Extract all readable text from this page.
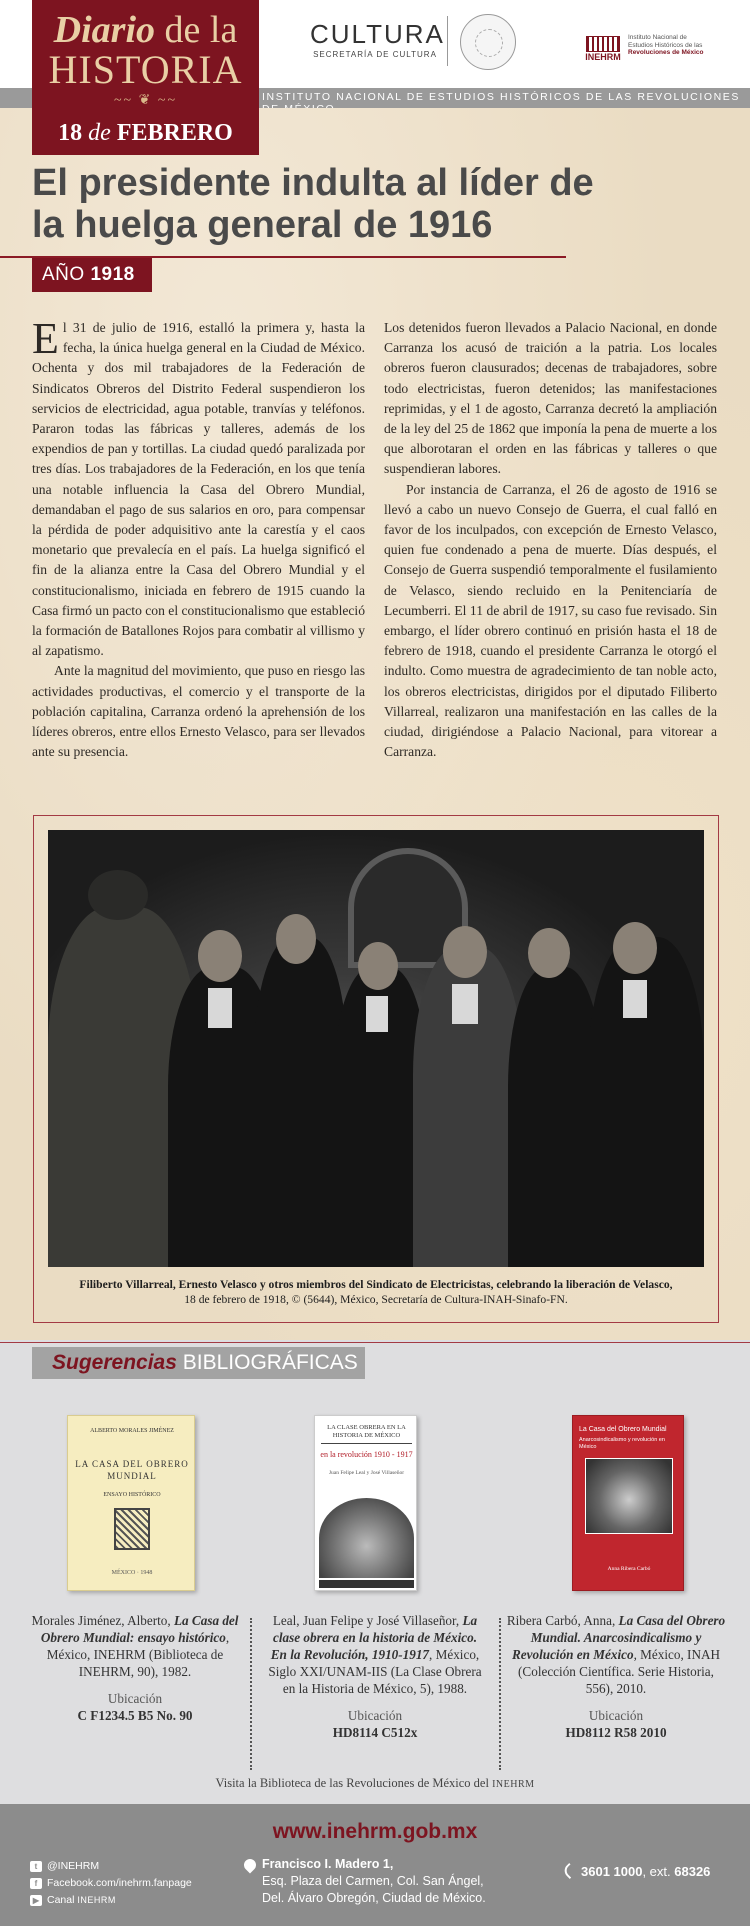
CULTURA
SECRETARÍA DE CULTURA	INEHRM
Instituto Nacional de
Estudios Históricos de las
Revoluciones de México
INSTITUTO NACIONAL DE ESTUDIOS HISTÓRICOS DE LAS REVOLUCIONES
Diario de la
HISTORIA
~~ ❦ ~~
18 de FEBRERO
El presidente indulta al líder de la huelga general de 1916
AÑO 1918

El 31 de julio de 1916, estalló la primera y, hasta la fecha, la única huelga general en la Ciudad de México. Ochenta y dos mil trabajadores de la Federación de Sindicatos Obreros del Distrito Federal suspendieron los servicios de electricidad, agua potable, tranvías y teléfonos. Pararon todas las fábricas y talleres, además de los expendios de pan y tortillas. La ciudad quedó paralizada por tres días. Los trabajadores de la Federación, en los que tenía una notable influencia la Casa del Obrero Mundial, demandaban el pago de sus salarios en oro, para compensar la pérdida de poder adquisitivo ante la carestía y el caos monetario que prevalecía en el país. La huelga significó el fin de la alianza entre la Casa del Obrero Mundial y el constitucionalismo, iniciada en febrero de 1915 cuando la Casa firmó un pacto con el constitucionalismo que estableció la formación de Batallones Rojos para combatir al villismo y al zapatismo.

Ante la magnitud del movimiento, que puso en riesgo las actividades productivas, el comercio y el transporte de la población capitalina, Carranza ordenó la aprehensión de los líderes obreros, entre ellos Ernesto Velasco, para ser llevados ante su presencia.

Los detenidos fueron llevados a Palacio Nacional, en donde Carranza los acusó de traición a la patria. Los locales obreros fueron clausurados; decenas de trabajadores, sobre todo electricistas, fueron detenidos; las manifestaciones reprimidas, y el 1 de agosto, Carranza decretó la ampliación de la ley del 25 de 1862 que imponía la pena de muerte a los que alborotaran el orden en las fábricas y talleres o que suspendieran labores.

Por instancia de Carranza, el 26 de agosto de 1916 se llevó a cabo un nuevo Consejo de Guerra, el cual falló en favor de los inculpados, con excepción de Ernesto Velasco, quien fue condenado a pena de muerte. Días después, el Consejo de Guerra suspendió temporalmente el fusilamiento de Velasco, siendo recluido en la Penitenciaría de Lecumberri. El 11 de abril de 1917, su caso fue revisado. Sin embargo, el líder obrero continuó en prisión hasta el 18 de febrero de 1918, cuando el presidente Carranza le otorgó el indulto. Como muestra de agradecimiento de tan noble acto, los obreros electricistas, dirigidos por el diputado Filiberto Villarreal, realizaron una manifestación en las calles de la ciudad, dirigiéndose a Palacio Nacional, para vitorear a Carranza.

Filiberto Villarreal, Ernesto Velasco y otros miembros del Sindicato de Electricistas, celebrando la liberación de Velasco,
18 de febrero de 1918, © (5644), México, Secretaría de Cultura-INAH-Sinafo-FN.
Sugerencias BIBLIOGRÁFICAS
ALBERTO MORALES JIMÉNEZ
LA CASA DEL OBRERO MUNDIAL
ENSAYO HISTÓRICO
MÉXICO · 1948
LA CLASE OBRERA EN LA HISTORIA DE MÉXICO
en la revolución 1910 - 1917
Juan Felipe Leal y José Villaseñor
La Casa del Obrero Mundial
Anarcosindicalismo y revolución en México
Anna Ribera Carbó
Morales Jiménez, Alberto, La Casa del Obrero Mundial: ensayo histórico, México, INEHRM (Biblioteca de INEHRM, 90), 1982.
Ubicación
C F1234.5 B5 No. 90
Leal, Juan Felipe y José Villaseñor, La clase obrera en la historia de México. En la Revolución, 1910-1917, México, Siglo XXI/UNAM-IIS (La Clase Obrera en la Historia de México, 5), 1988.
Ubicación
HD8114 C512x
Ribera Carbó, Anna, La Casa del Obrero Mundial. Anarcosindicalismo y Revolución en México, México, INAH (Colección Científica. Serie Historia, 556), 2010.
Ubicación
HD8112 R58 2010
Visita la Biblioteca de las Revoluciones de México del INEHRM
www.inehrm.gob.mx
t @INEHRM
f Facebook.com/inehrm.fanpage
▶ Canal
INEHRM
Francisco I. Madero 1,
Esq. Plaza del Carmen, Col. San Ángel,
Del. Álvaro Obregón, Ciudad de México.
3601 1000, ext. 68326
